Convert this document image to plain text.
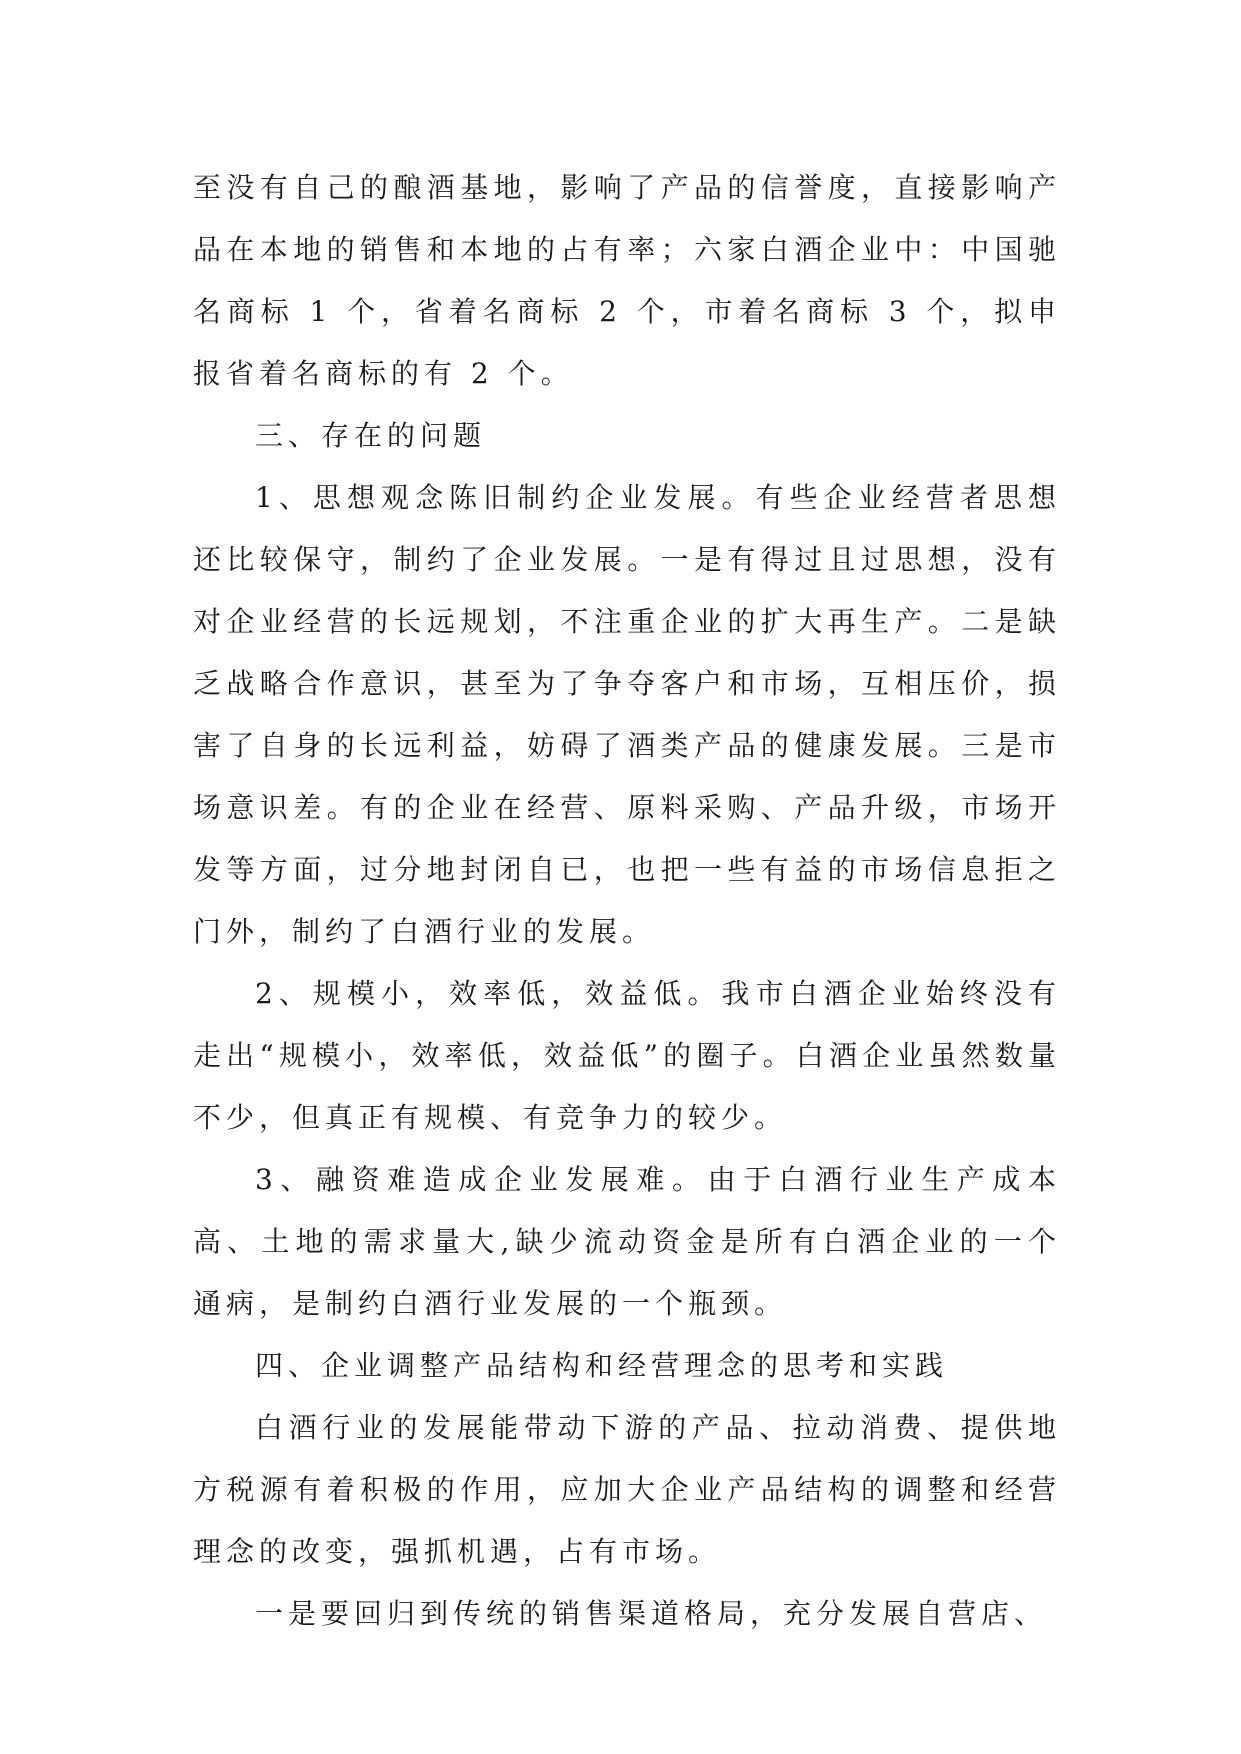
至没有自己的酿酒基地，影响了产品的信誉度，直接影响产品在本地的销售和本地的占有率；六家白酒企业中：中国驰名商标 1 个，省着名商标 2 个，市着名商标 3 个，拟申报省着名商标的有 2 个。

三、存在的问题

1、思想观念陈旧制约企业发展。有些企业经营者思想还比较保守，制约了企业发展。一是有得过且过思想，没有对企业经营的长远规划，不注重企业的扩大再生产。二是缺乏战略合作意识，甚至为了争夺客户和市场，互相压价，损害了自身的长远利益，妨碍了酒类产品的健康发展。三是市场意识差。有的企业在经营、原料采购、产品升级，市场开发等方面，过分地封闭自已，也把一些有益的市场信息拒之门外，制约了白酒行业的发展。

2、规模小，效率低，效益低。我市白酒企业始终没有走出“规模小，效率低，效益低”的圈子。白酒企业虽然数量不少，但真正有规模、有竞争力的较少。

3、融资难造成企业发展难。由于白酒行业生产成本高、土地的需求量大,缺少流动资金是所有白酒企业的一个通病，是制约白酒行业发展的一个瓶颈。

四、企业调整产品结构和经营理念的思考和实践

白酒行业的发展能带动下游的产品、拉动消费、提供地方税源有着积极的作用，应加大企业产品结构的调整和经营理念的改变，强抓机遇，占有市场。

一是要回归到传统的销售渠道格局，充分发展自营店、
